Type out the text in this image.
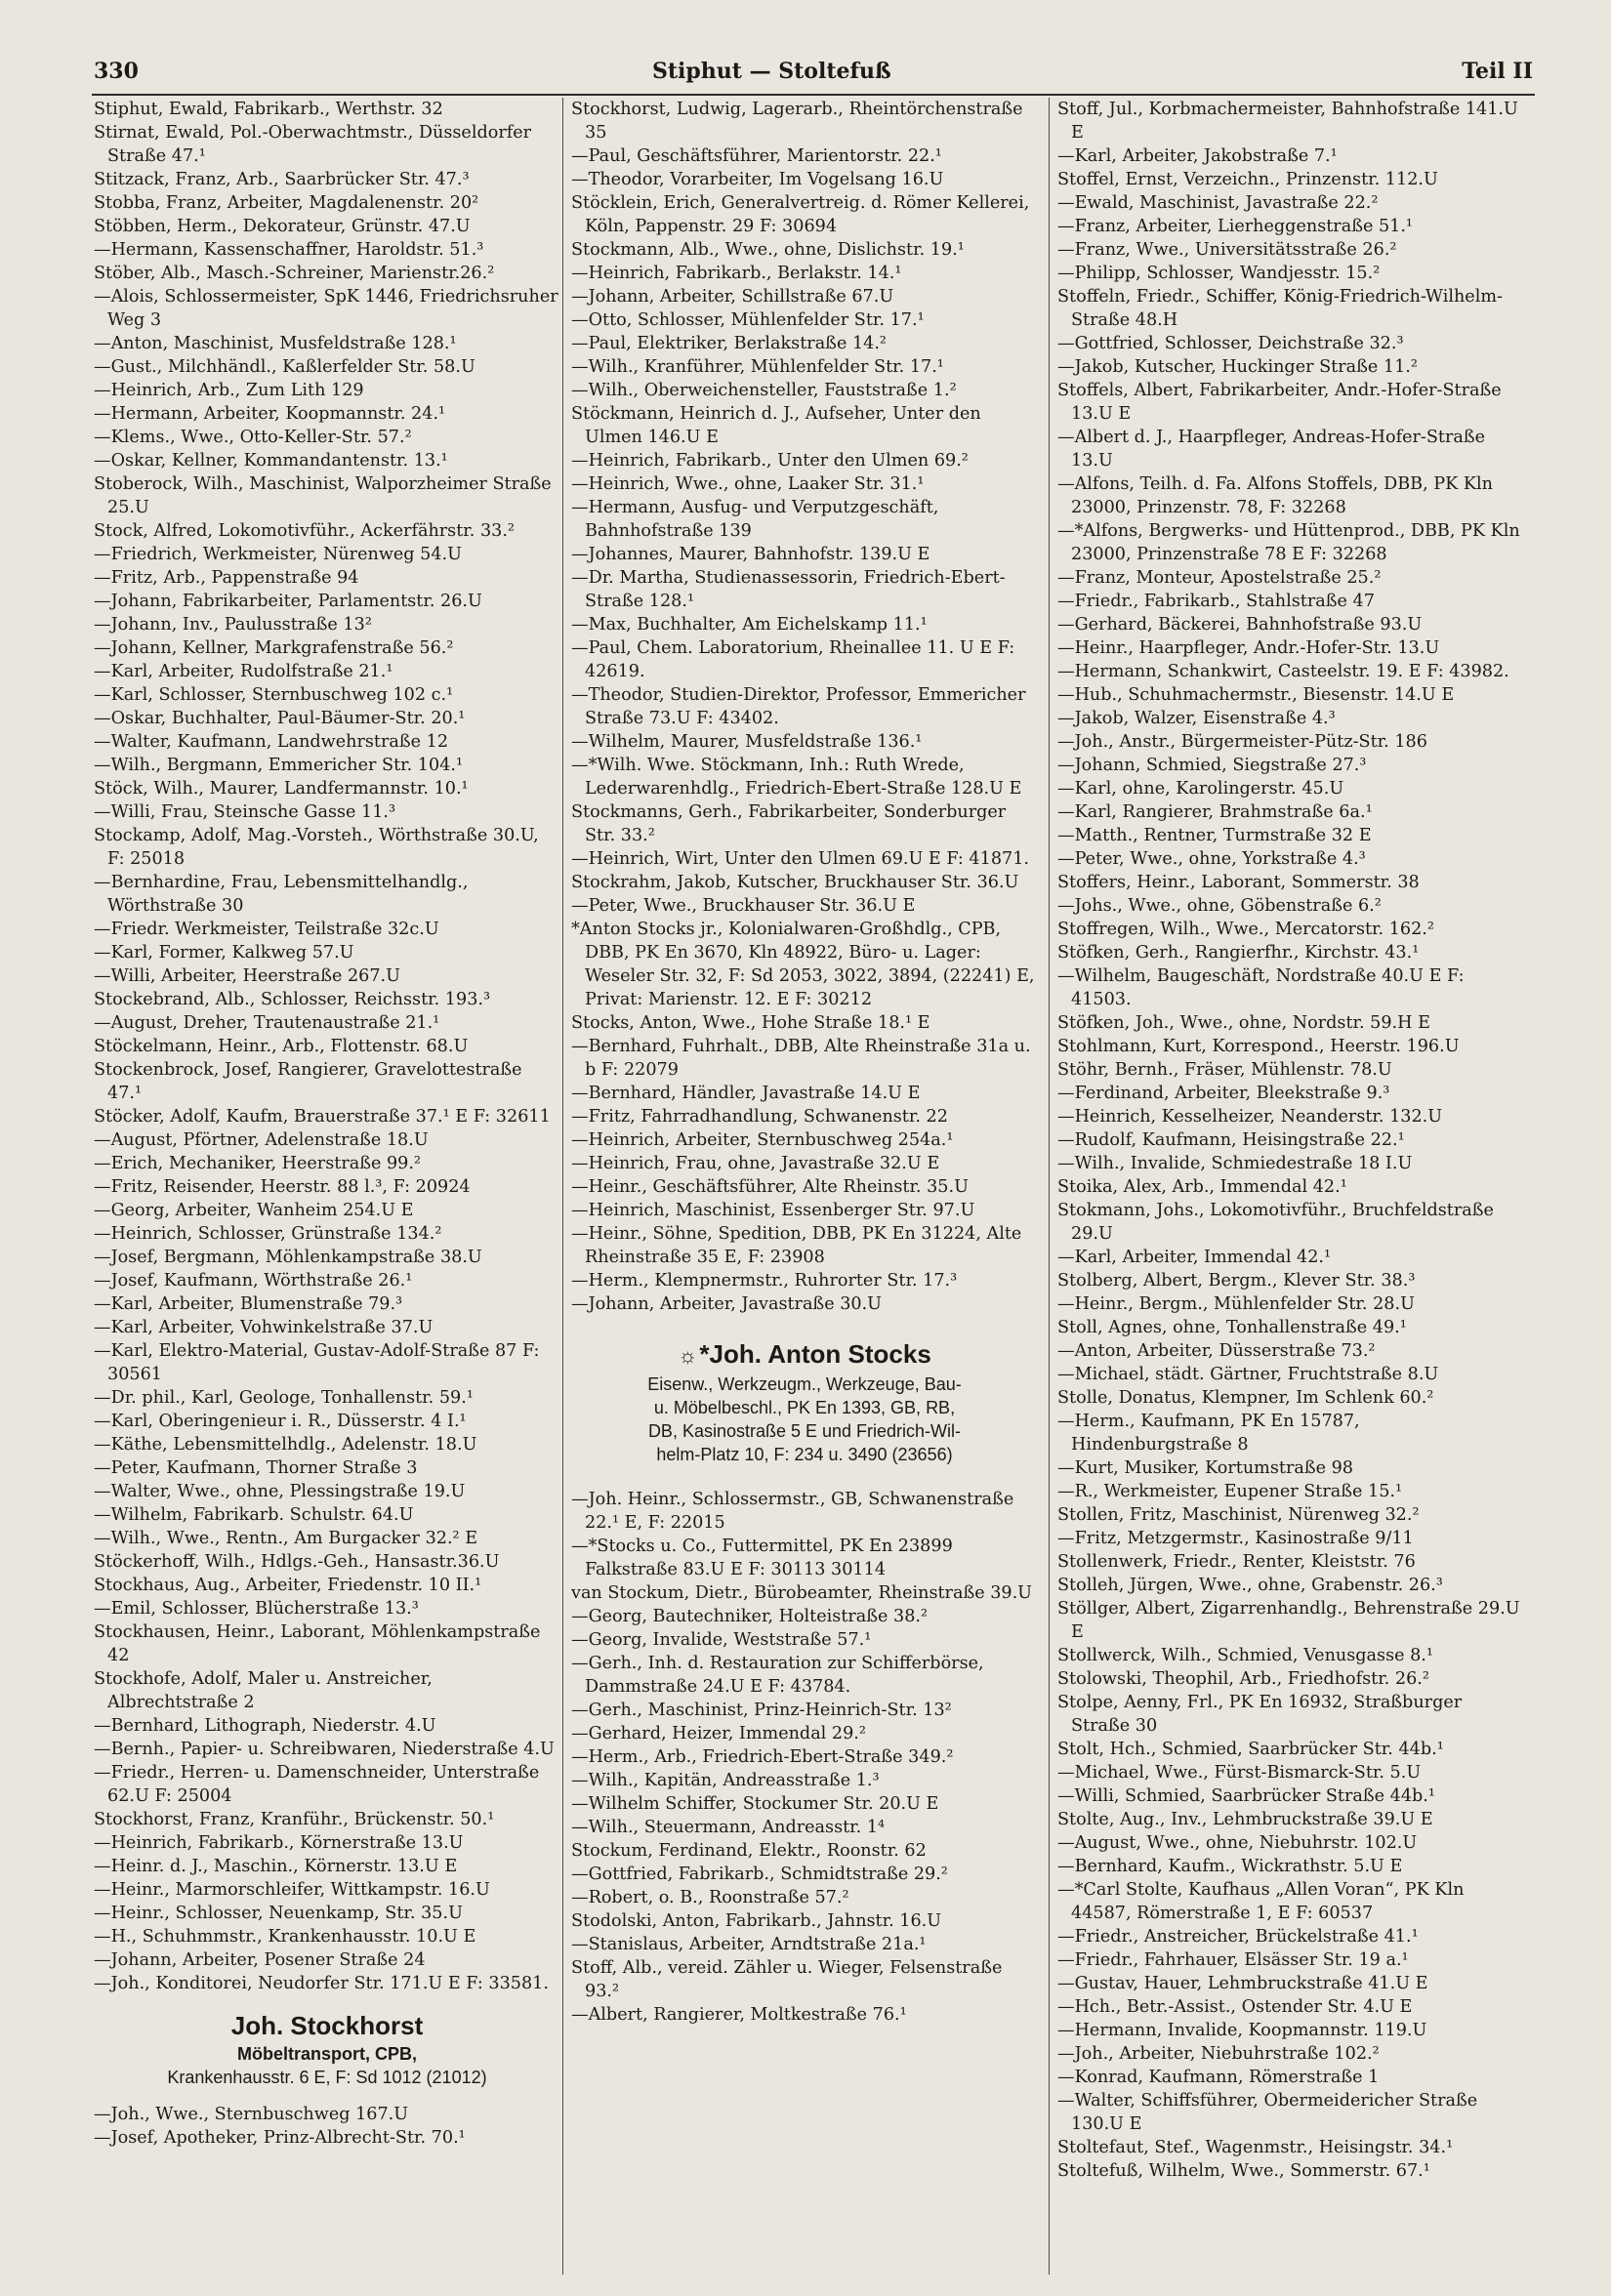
330	Stiphut — Stoltefuß	Teil II

Stiphut, Ewald, Fabrikarb., Werthstr. 32

Stirnat, Ewald, Pol.-Oberwachtmstr., Düsseldorfer Straße 47.¹

Stitzack, Franz, Arb., Saarbrücker Str. 47.³

Stobba, Franz, Arbeiter, Magdalenenstr. 20²

Stöbben, Herm., Dekorateur, Grünstr. 47.U

—Hermann, Kassenschaffner, Haroldstr. 51.³

Stöber, Alb., Masch.-Schreiner, Marienstr.26.²

—Alois, Schlossermeister, SpK 1446, Friedrichsruher Weg 3

—Anton, Maschinist, Musfeldstraße 128.¹

—Gust., Milchhändl., Kaßlerfelder Str. 58.U

—Heinrich, Arb., Zum Lith 129

—Hermann, Arbeiter, Koopmannstr. 24.¹

—Klems., Wwe., Otto-Keller-Str. 57.²

—Oskar, Kellner, Kommandantenstr. 13.¹

Stoberock, Wilh., Maschinist, Walporzheimer Straße 25.U

Stock, Alfred, Lokomotivführ., Ackerfährstr. 33.²

—Friedrich, Werkmeister, Nürenweg 54.U

—Fritz, Arb., Pappenstraße 94

—Johann, Fabrikarbeiter, Parlamentstr. 26.U

—Johann, Inv., Paulusstraße 13²

—Johann, Kellner, Markgrafenstraße 56.²

—Karl, Arbeiter, Rudolfstraße 21.¹

—Karl, Schlosser, Sternbuschweg 102 c.¹

—Oskar, Buchhalter, Paul-Bäumer-Str. 20.¹

—Walter, Kaufmann, Landwehrstraße 12

—Wilh., Bergmann, Emmericher Str. 104.¹

Stöck, Wilh., Maurer, Landfermannstr. 10.¹

—Willi, Frau, Steinsche Gasse 11.³

Stockamp, Adolf, Mag.-Vorsteh., Wörthstraße 30.U, F: 25018

—Bernhardine, Frau, Lebensmittelhandlg., Wörthstraße 30

—Friedr. Werkmeister, Teilstraße 32c.U

—Karl, Former, Kalkweg 57.U

—Willi, Arbeiter, Heerstraße 267.U

Stockebrand, Alb., Schlosser, Reichsstr. 193.³

—August, Dreher, Trautenaustraße 21.¹

Stöckelmann, Heinr., Arb., Flottenstr. 68.U

Stockenbrock, Josef, Rangierer, Gravelottestraße 47.¹

Stöcker, Adolf, Kaufm, Brauerstraße 37.¹ E F: 32611

—August, Pförtner, Adelenstraße 18.U

—Erich, Mechaniker, Heerstraße 99.²

—Fritz, Reisender, Heerstr. 88 l.³, F: 20924

—Georg, Arbeiter, Wanheim 254.U E

—Heinrich, Schlosser, Grünstraße 134.²

—Josef, Bergmann, Möhlenkampstraße 38.U

—Josef, Kaufmann, Wörthstraße 26.¹

—Karl, Arbeiter, Blumenstraße 79.³

—Karl, Arbeiter, Vohwinkelstraße 37.U

—Karl, Elektro-Material, Gustav-Adolf-Straße 87 F: 30561

—Dr. phil., Karl, Geologe, Tonhallenstr. 59.¹

—Karl, Oberingenieur i. R., Düsserstr. 4 I.¹

—Käthe, Lebensmittelhdlg., Adelenstr. 18.U

—Peter, Kaufmann, Thorner Straße 3

—Walter, Wwe., ohne, Plessingstraße 19.U

—Wilhelm, Fabrikarb. Schulstr. 64.U

—Wilh., Wwe., Rentn., Am Burgacker 32.² E

Stöckerhoff, Wilh., Hdlgs.-Geh., Hansastr.36.U

Stockhaus, Aug., Arbeiter, Friedenstr. 10 II.¹

—Emil, Schlosser, Blücherstraße 13.³

Stockhausen, Heinr., Laborant, Möhlenkampstraße 42

Stockhofe, Adolf, Maler u. Anstreicher, Albrechtstraße 2

—Bernhard, Lithograph, Niederstr. 4.U

—Bernh., Papier- u. Schreibwaren, Niederstraße 4.U

—Friedr., Herren- u. Damenschneider, Unterstraße 62.U F: 25004

Stockhorst, Franz, Kranführ., Brückenstr. 50.¹

—Heinrich, Fabrikarb., Körnerstraße 13.U

—Heinr. d. J., Maschin., Körnerstr. 13.U E

—Heinr., Marmorschleifer, Wittkampstr. 16.U

—Heinr., Schlosser, Neuenkamp, Str. 35.U

—H., Schuhmmstr., Krankenhausstr. 10.U E

—Johann, Arbeiter, Posener Straße 24

—Joh., Konditorei, Neudorfer Str. 171.U E F: 33581.

Joh. Stockhorst
Möbeltransport, CPB,
Krankenhausstr. 6 E, F: Sd 1012 (21012)

—Joh., Wwe., Sternbuschweg 167.U

—Josef, Apotheker, Prinz-Albrecht-Str. 70.¹

Stockhorst, Ludwig, Lagerarb., Rheintörchenstraße 35

—Paul, Geschäftsführer, Marientorstr. 22.¹

—Theodor, Vorarbeiter, Im Vogelsang 16.U

Stöcklein, Erich, Generalvertreig. d. Römer Kellerei, Köln, Pappenstr. 29 F: 30694

Stockmann, Alb., Wwe., ohne, Dislichstr. 19.¹

—Heinrich, Fabrikarb., Berlakstr. 14.¹

—Johann, Arbeiter, Schillstraße 67.U

—Otto, Schlosser, Mühlenfelder Str. 17.¹

—Paul, Elektriker, Berlakstraße 14.²

—Wilh., Kranführer, Mühlenfelder Str. 17.¹

—Wilh., Oberweichensteller, Fauststraße 1.²

Stöckmann, Heinrich d. J., Aufseher, Unter den Ulmen 146.U E

—Heinrich, Fabrikarb., Unter den Ulmen 69.²

—Heinrich, Wwe., ohne, Laaker Str. 31.¹

—Hermann, Ausfug- und Verputzgeschäft, Bahnhofstraße 139

—Johannes, Maurer, Bahnhofstr. 139.U E

—Dr. Martha, Studienassessorin, Friedrich-Ebert-Straße 128.¹

—Max, Buchhalter, Am Eichelskamp 11.¹

—Paul, Chem. Laboratorium, Rheinallee 11. U E F: 42619.

—Theodor, Studien-Direktor, Professor, Emmericher Straße 73.U F: 43402.

—Wilhelm, Maurer, Musfeldstraße 136.¹

—*Wilh. Wwe. Stöckmann, Inh.: Ruth Wrede, Lederwarenhdlg., Friedrich-Ebert-Straße 128.U E

Stockmanns, Gerh., Fabrikarbeiter, Sonderburger Str. 33.²

—Heinrich, Wirt, Unter den Ulmen 69.U E F: 41871.

Stockrahm, Jakob, Kutscher, Bruckhauser Str. 36.U

—Peter, Wwe., Bruckhauser Str. 36.U E

*Anton Stocks jr., Kolonialwaren-Großhdlg., CPB, DBB, PK En 3670, Kln 48922, Büro- u. Lager: Weseler Str. 32, F: Sd 2053, 3022, 3894, (22241) E, Privat: Marienstr. 12. E F: 30212

Stocks, Anton, Wwe., Hohe Straße 18.¹ E

—Bernhard, Fuhrhalt., DBB, Alte Rheinstraße 31a u. b F: 22079

—Bernhard, Händler, Javastraße 14.U E

—Fritz, Fahrradhandlung, Schwanenstr. 22

—Heinrich, Arbeiter, Sternbuschweg 254a.¹

—Heinrich, Frau, ohne, Javastraße 32.U E

—Heinr., Geschäftsführer, Alte Rheinstr. 35.U

—Heinrich, Maschinist, Essenberger Str. 97.U

—Heinr., Söhne, Spedition, DBB, PK En 31224, Alte Rheinstraße 35 E, F: 23908

—Herm., Klempnermstr., Ruhrorter Str. 17.³

—Johann, Arbeiter, Javastraße 30.U

☼*Joh. Anton Stocks
Eisenw., Werkzeugm., Werkzeuge, Bau-
u. Möbelbeschl., PK En 1393, GB, RB,
DB, Kasinostraße 5 E und Friedrich-Wil-
helm-Platz 10, F: 234 u. 3490 (23656)

—Joh. Heinr., Schlossermstr., GB, Schwanenstraße 22.¹ E, F: 22015

—*Stocks u. Co., Futtermittel, PK En 23899 Falkstraße 83.U E F: 30113 30114

van Stockum, Dietr., Bürobeamter, Rheinstraße 39.U

—Georg, Bautechniker, Holteistraße 38.²

—Georg, Invalide, Weststraße 57.¹

—Gerh., Inh. d. Restauration zur Schifferbörse, Dammstraße 24.U E F: 43784.

—Gerh., Maschinist, Prinz-Heinrich-Str. 13²

—Gerhard, Heizer, Immendal 29.²

—Herm., Arb., Friedrich-Ebert-Straße 349.²

—Wilh., Kapitän, Andreasstraße 1.³

—Wilhelm Schiffer, Stockumer Str. 20.U E

—Wilh., Steuermann, Andreasstr. 1⁴

Stockum, Ferdinand, Elektr., Roonstr. 62

—Gottfried, Fabrikarb., Schmidtstraße 29.²

—Robert, o. B., Roonstraße 57.²

Stodolski, Anton, Fabrikarb., Jahnstr. 16.U

—Stanislaus, Arbeiter, Arndtstraße 21a.¹

Stoff, Alb., vereid. Zähler u. Wieger, Felsenstraße 93.²

—Albert, Rangierer, Moltkestraße 76.¹

Stoff, Jul., Korbmachermeister, Bahnhofstraße 141.U E

—Karl, Arbeiter, Jakobstraße 7.¹

Stoffel, Ernst, Verzeichn., Prinzenstr. 112.U

—Ewald, Maschinist, Javastraße 22.²

—Franz, Arbeiter, Lierheggenstraße 51.¹

—Franz, Wwe., Universitätsstraße 26.²

—Philipp, Schlosser, Wandjesstr. 15.²

Stoffeln, Friedr., Schiffer, König-Friedrich-Wilhelm-Straße 48.H

—Gottfried, Schlosser, Deichstraße 32.³

—Jakob, Kutscher, Huckinger Straße 11.²

Stoffels, Albert, Fabrikarbeiter, Andr.-Hofer-Straße 13.U E

—Albert d. J., Haarpfleger, Andreas-Hofer-Straße 13.U

—Alfons, Teilh. d. Fa. Alfons Stoffels, DBB, PK Kln 23000, Prinzenstr. 78, F: 32268

—*Alfons, Bergwerks- und Hüttenprod., DBB, PK Kln 23000, Prinzenstraße 78 E F: 32268

—Franz, Monteur, Apostelstraße 25.²

—Friedr., Fabrikarb., Stahlstraße 47

—Gerhard, Bäckerei, Bahnhofstraße 93.U

—Heinr., Haarpfleger, Andr.-Hofer-Str. 13.U

—Hermann, Schankwirt, Casteelstr. 19. E F: 43982.

—Hub., Schuhmachermstr., Biesenstr. 14.U E

—Jakob, Walzer, Eisenstraße 4.³

—Joh., Anstr., Bürgermeister-Pütz-Str. 186

—Johann, Schmied, Siegstraße 27.³

—Karl, ohne, Karolingerstr. 45.U

—Karl, Rangierer, Brahmstraße 6a.¹

—Matth., Rentner, Turmstraße 32 E

—Peter, Wwe., ohne, Yorkstraße 4.³

Stoffers, Heinr., Laborant, Sommerstr. 38

—Johs., Wwe., ohne, Göbenstraße 6.²

Stoffregen, Wilh., Wwe., Mercatorstr. 162.²

Stöfken, Gerh., Rangierfhr., Kirchstr. 43.¹

—Wilhelm, Baugeschäft, Nordstraße 40.U E F: 41503.

Stöfken, Joh., Wwe., ohne, Nordstr. 59.H E

Stohlmann, Kurt, Korrespond., Heerstr. 196.U

Stöhr, Bernh., Fräser, Mühlenstr. 78.U

—Ferdinand, Arbeiter, Bleekstraße 9.³

—Heinrich, Kesselheizer, Neanderstr. 132.U

—Rudolf, Kaufmann, Heisingstraße 22.¹

—Wilh., Invalide, Schmiedestraße 18 I.U

Stoika, Alex, Arb., Immendal 42.¹

Stokmann, Johs., Lokomotivführ., Bruchfeldstraße 29.U

—Karl, Arbeiter, Immendal 42.¹

Stolberg, Albert, Bergm., Klever Str. 38.³

—Heinr., Bergm., Mühlenfelder Str. 28.U

Stoll, Agnes, ohne, Tonhallenstraße 49.¹

—Anton, Arbeiter, Düsserstraße 73.²

—Michael, städt. Gärtner, Fruchtstraße 8.U

Stolle, Donatus, Klempner, Im Schlenk 60.²

—Herm., Kaufmann, PK En 15787, Hindenburgstraße 8

—Kurt, Musiker, Kortumstraße 98

—R., Werkmeister, Eupener Straße 15.¹

Stollen, Fritz, Maschinist, Nürenweg 32.²

—Fritz, Metzgermstr., Kasinostraße 9/11

Stollenwerk, Friedr., Renter, Kleiststr. 76

Stolleh, Jürgen, Wwe., ohne, Grabenstr. 26.³

Stöllger, Albert, Zigarrenhandlg., Behrenstraße 29.U E

Stollwerck, Wilh., Schmied, Venusgasse 8.¹

Stolowski, Theophil, Arb., Friedhofstr. 26.²

Stolpe, Aenny, Frl., PK En 16932, Straßburger Straße 30

Stolt, Hch., Schmied, Saarbrücker Str. 44b.¹

—Michael, Wwe., Fürst-Bismarck-Str. 5.U

—Willi, Schmied, Saarbrücker Straße 44b.¹

Stolte, Aug., Inv., Lehmbruckstraße 39.U E

—August, Wwe., ohne, Niebuhrstr. 102.U

—Bernhard, Kaufm., Wickrathstr. 5.U E

—*Carl Stolte, Kaufhaus „Allen Voran“, PK Kln 44587, Römerstraße 1, E F: 60537

—Friedr., Anstreicher, Brückelstraße 41.¹

—Friedr., Fahrhauer, Elsässer Str. 19 a.¹

—Gustav, Hauer, Lehmbruckstraße 41.U E

—Hch., Betr.-Assist., Ostender Str. 4.U E

—Hermann, Invalide, Koopmannstr. 119.U

—Joh., Arbeiter, Niebuhrstraße 102.²

—Konrad, Kaufmann, Römerstraße 1

—Walter, Schiffsführer, Obermeidericher Straße 130.U E

Stoltefaut, Stef., Wagenmstr., Heisingstr. 34.¹

Stoltefuß, Wilhelm, Wwe., Sommerstr. 67.¹
